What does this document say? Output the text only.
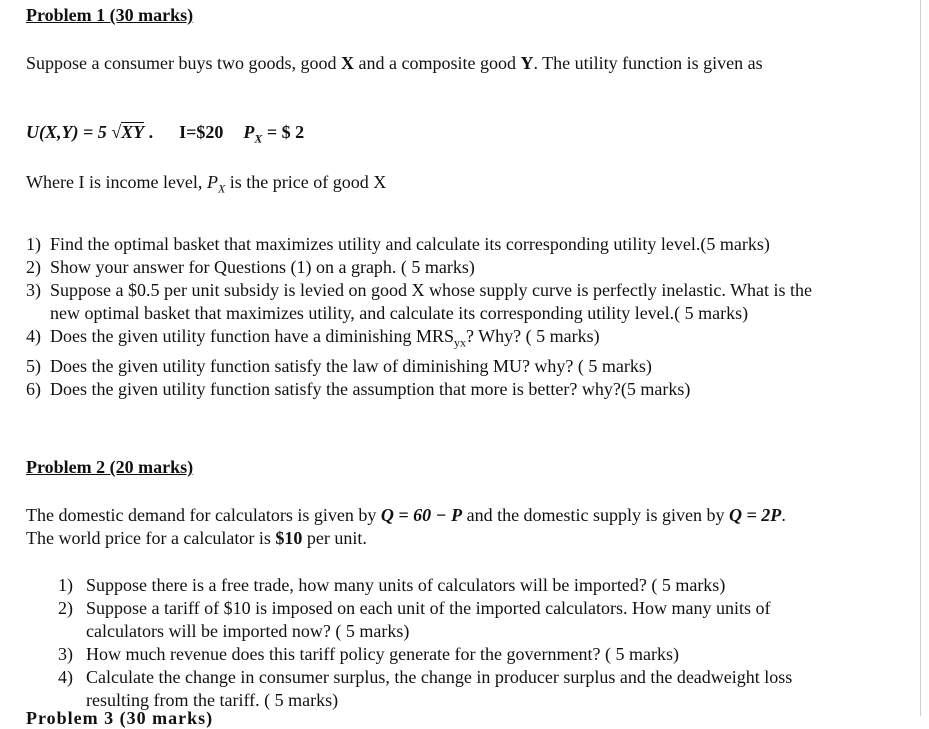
Problem 1 (30 marks)
Suppose a consumer buys two goods, good X and a composite good Y. The utility function is given as
U(X,Y) = 5 √XY . I=$20 $P_X$ = $ 2
Where I is income level, $P_X$ is the price of good X
1) Find the optimal basket that maximizes utility and calculate its corresponding utility level.(5 marks)
2) Show your answer for Questions (1) on a graph. ( 5 marks)
3) Suppose a $0.5 per unit subsidy is levied on good X whose supply curve is perfectly inelastic. What is the new optimal basket that maximizes utility, and calculate its corresponding utility level.( 5 marks)
4) Does the given utility function have a diminishing $MRS_{yx}$? Why? ( 5 marks)
5) Does the given utility function satisfy the law of diminishing MU? why? ( 5 marks)
6) Does the given utility function satisfy the assumption that more is better? why?(5 marks)
Problem 2 (20 marks)
The domestic demand for calculators is given by Q = 60 − P and the domestic supply is given by Q = 2P. The world price for a calculator is $10 per unit.
1) Suppose there is a free trade, how many units of calculators will be imported? ( 5 marks)
2) Suppose a tariff of $10 is imposed on each unit of the imported calculators. How many units of calculators will be imported now? ( 5 marks)
3) How much revenue does this tariff policy generate for the government? ( 5 marks)
4) Calculate the change in consumer surplus, the change in producer surplus and the deadweight loss resulting from the tariff. ( 5 marks)
Problem 3 (30 marks)
